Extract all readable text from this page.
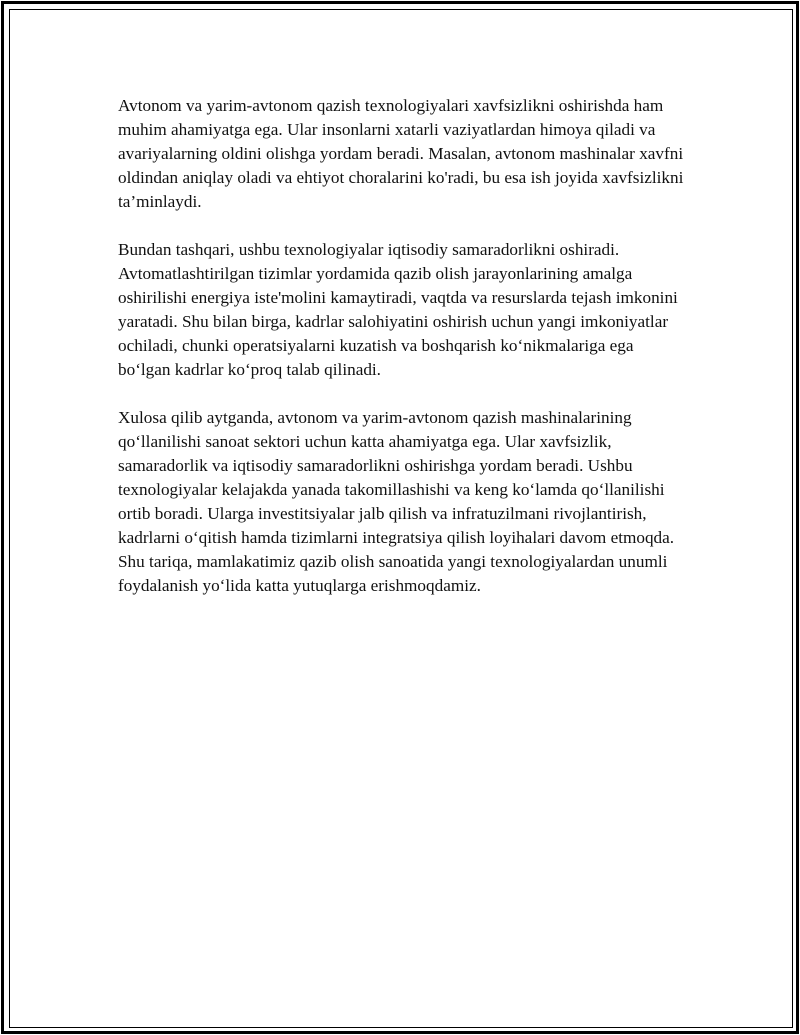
Avtonom va yarim-avtonom qazish texnologiyalari xavfsizlikni oshirishda ham muhim ahamiyatga ega. Ular insonlarni xatarli vaziyatlardan himoya qiladi va avariyalarning oldini olishga yordam beradi. Masalan, avtonom mashinalar xavfni oldindan aniqlay oladi va ehtiyot choralarini ko'radi, bu esa ish joyida xavfsizlikni ta’minlaydi.

Bundan tashqari, ushbu texnologiyalar iqtisodiy samaradorlikni oshiradi. Avtomatlashtirilgan tizimlar yordamida qazib olish jarayonlarining amalga oshirilishi energiya iste'molini kamaytiradi, vaqtda va resurslarda tejash imkonini yaratadi. Shu bilan birga, kadrlar salohiyatini oshirish uchun yangi imkoniyatlar ochiladi, chunki operatsiyalarni kuzatish va boshqarish ko‘nikmalariga ega bo‘lgan kadrlar ko‘proq talab qilinadi.

Xulosa qilib aytganda, avtonom va yarim-avtonom qazish mashinalarining qo‘llanilishi sanoat sektori uchun katta ahamiyatga ega. Ular xavfsizlik, samaradorlik va iqtisodiy samaradorlikni oshirishga yordam beradi. Ushbu texnologiyalar kelajakda yanada takomillashishi va keng ko‘lamda qo‘llanilishi ortib boradi. Ularga investitsiyalar jalb qilish va infratuzilmani rivojlantirish, kadrlarni o‘qitish hamda tizimlarni integratsiya qilish loyihalari davom etmoqda. Shu tariqa, mamlakatimiz qazib olish sanoatida yangi texnologiyalardan unumli foydalanish yo‘lida katta yutuqlarga erishmoqdamiz.
